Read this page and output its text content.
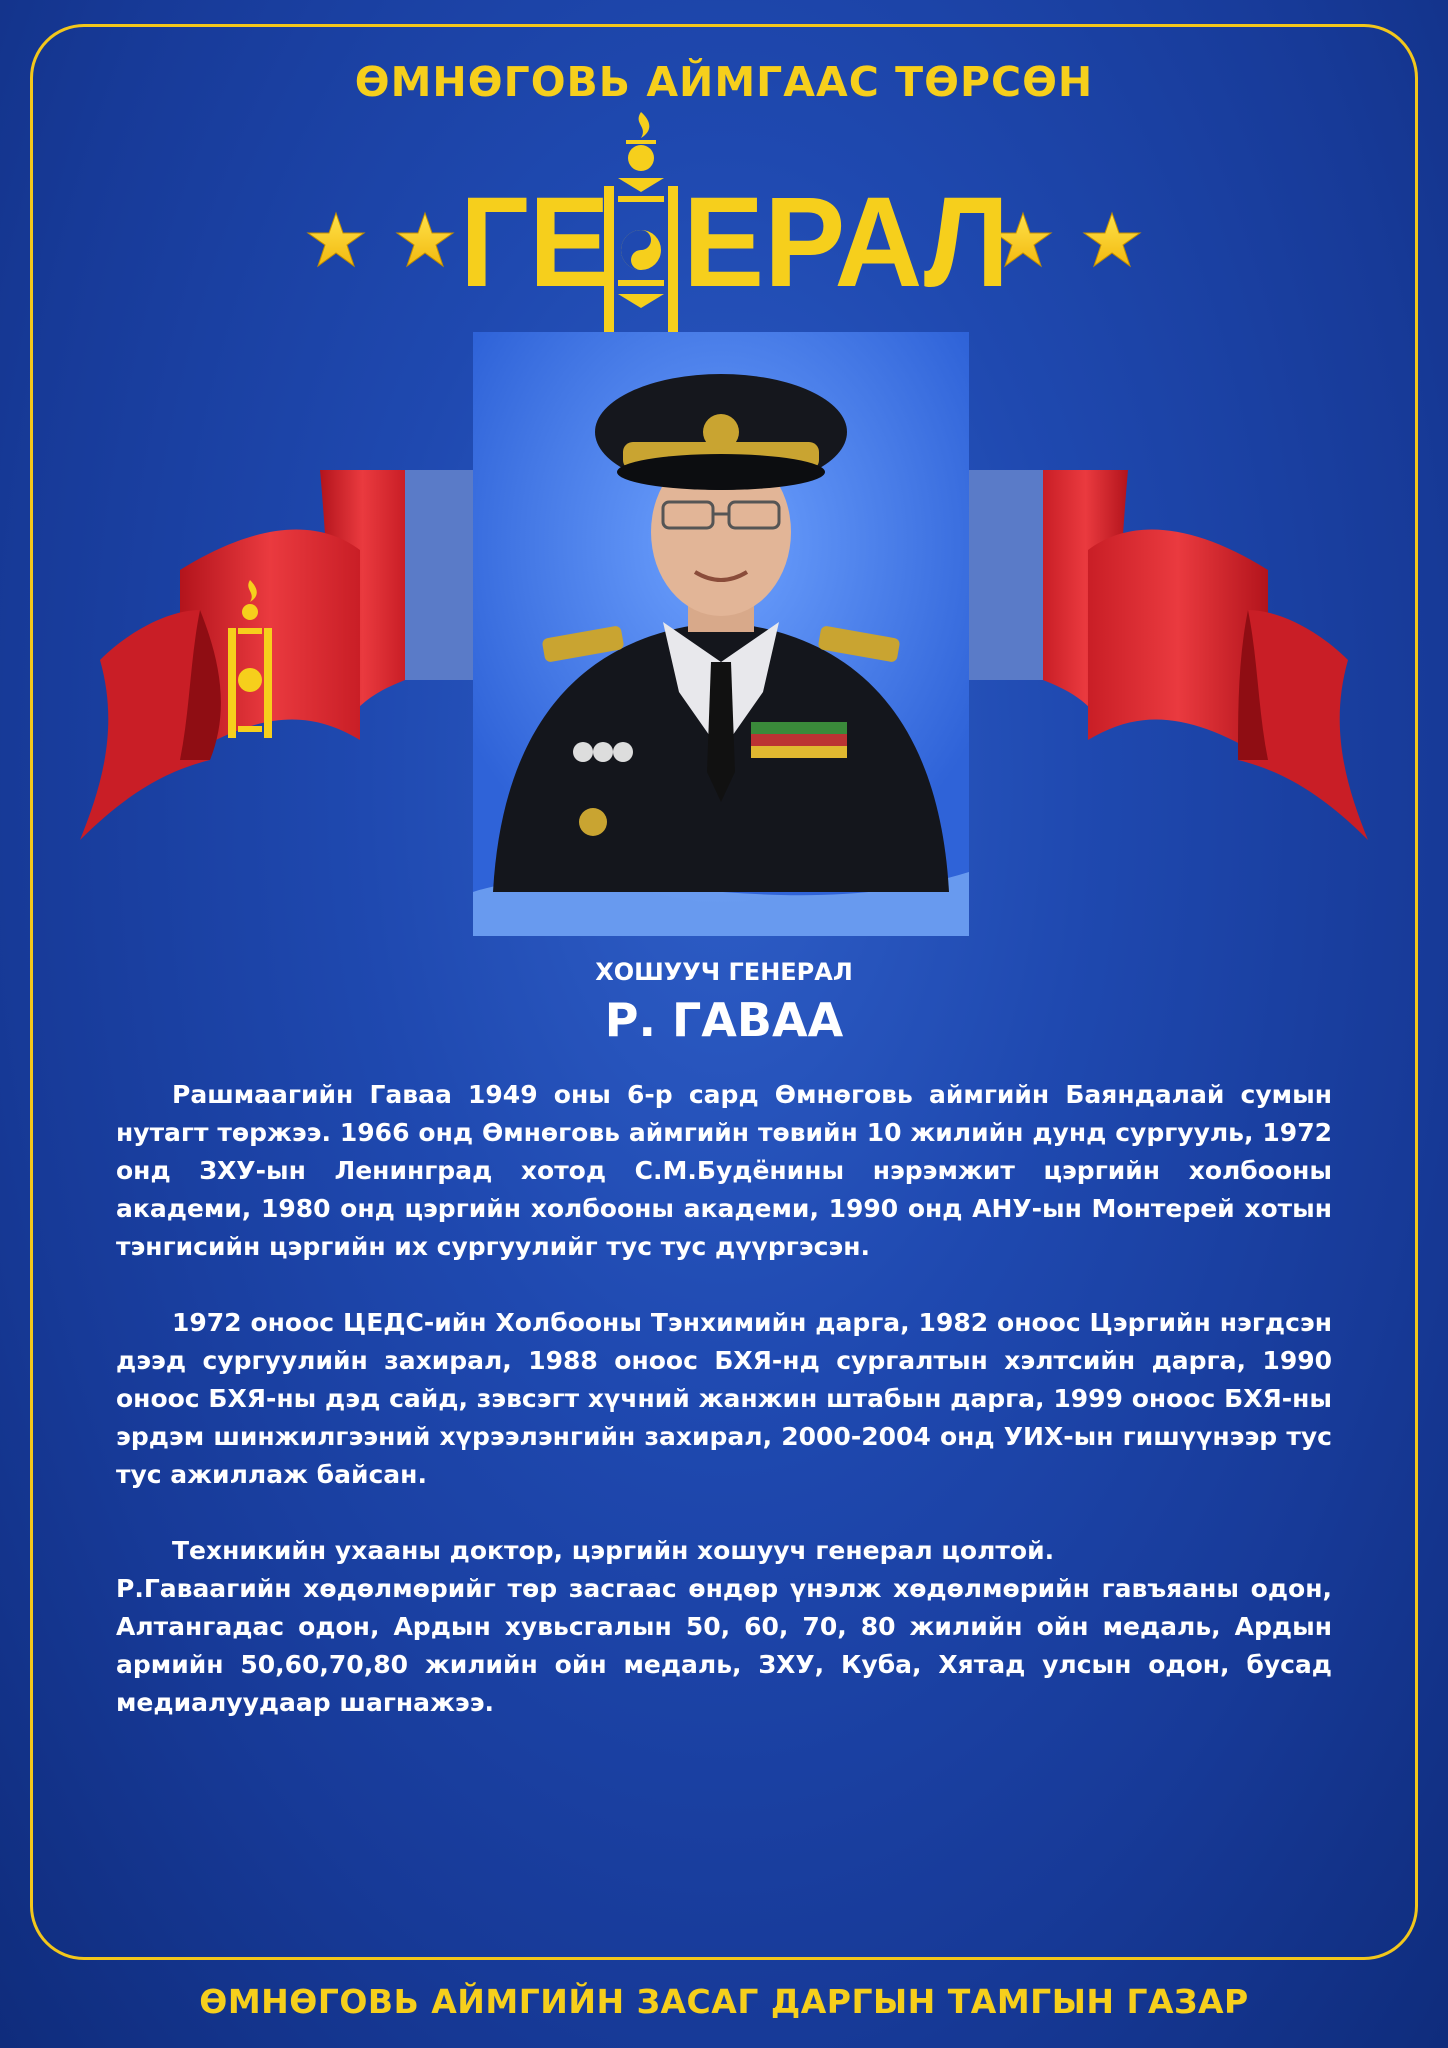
ӨМНӨГОВЬ АЙМГААС ТӨРСӨН
ГЕ ЕРАЛ
ХОШУУЧ ГЕНЕРАЛ
Р. ГАВАА

Рашмаагийн Гаваа 1949 оны 6-р сард Өмнөговь аймгийн Баяндалай сумын нутагт төржээ. 1966 онд Өмнөговь аймгийн төвийн 10 жилийн дунд сургууль, 1972 онд ЗХУ-ын Ленинград хотод С.М.Будёнины нэрэмжит цэргийн холбооны академи, 1980 онд цэргийн холбооны академи, 1990 онд АНУ-ын Монтерей хотын тэнгисийн цэргийн их сургуулийг тус тус дүүргэсэн.

1972 оноос ЦЕДС-ийн Холбооны Тэнхимийн дарга, 1982 оноос Цэргийн нэгдсэн дээд сургуулийн захирал, 1988 оноос БХЯ-нд сургалтын хэлтсийн дарга, 1990 оноос БХЯ-ны дэд сайд, зэвсэгт хүчний жанжин штабын дарга, 1999 оноос БХЯ-ны эрдэм шинжилгээний хүрээлэнгийн захирал, 2000-2004 онд УИХ-ын гишүүнээр тус тус ажиллаж байсан.

Техникийн ухааны доктор, цэргийн хошууч генерал цолтой.
Р.Гаваагийн хөдөлмөрийг төр засгаас өндөр үнэлж хөдөлмөрийн гавъяаны одон, Алтангадас одон, Ардын хувьсгалын 50, 60, 70, 80 жилийн ойн медаль, Ардын армийн 50,60,70,80 жилийн ойн медаль, ЗХУ, Куба, Хятад улсын одон, бусад медиалуудаар шагнажээ.
ӨМНӨГОВЬ АЙМГИЙН ЗАСАГ ДАРГЫН ТАМГЫН ГАЗАР
